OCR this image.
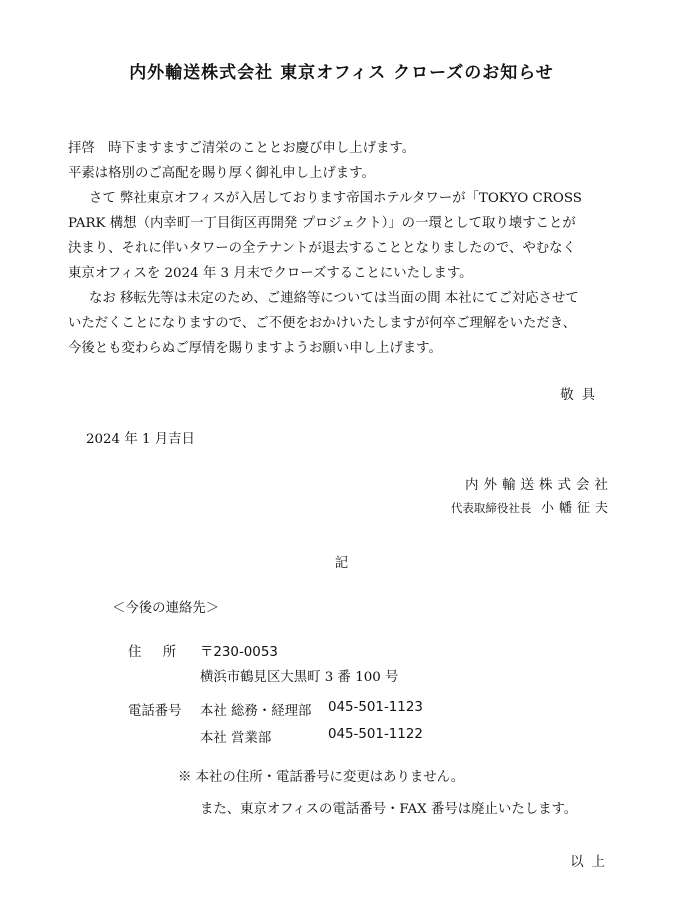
内外輸送株式会社 東京オフィス クローズのお知らせ

拝啓　時下ますますご清栄のこととお慶び申し上げます。

平素は格別のご高配を賜り厚く御礼申し上げます。

さて 弊社東京オフィスが入居しております帝国ホテルタワーが「TOKYO CROSS

PARK 構想（内幸町一丁目街区再開発 プロジェクト）」の一環として取り壊すことが

決まり、それに伴いタワーの全テナントが退去することとなりましたので、やむなく

東京オフィスを 2024 年 3 月末でクローズすることにいたします。

なお 移転先等は未定のため、ご連絡等については当面の間 本社にてご対応させて

いただくことになりますので、ご不便をおかけいたしますが何卒ご理解をいただき、

今後とも変わらぬご厚情を賜りますようお願い申し上げます。

敬具

2024 年 1 月吉日

内外輸送株式会社

代表取締役社長 小幡征夫

記

＜今後の連絡先＞

住　所 〒230-0053

横浜市鶴見区大黒町 3 番 100 号

電話番号 本社 総務・経理部 045-501-1123

本社 営業部	045-501-1122

※ 本社の住所・電話番号に変更はありません。

また、東京オフィスの電話番号・FAX 番号は廃止いたします。

以上
